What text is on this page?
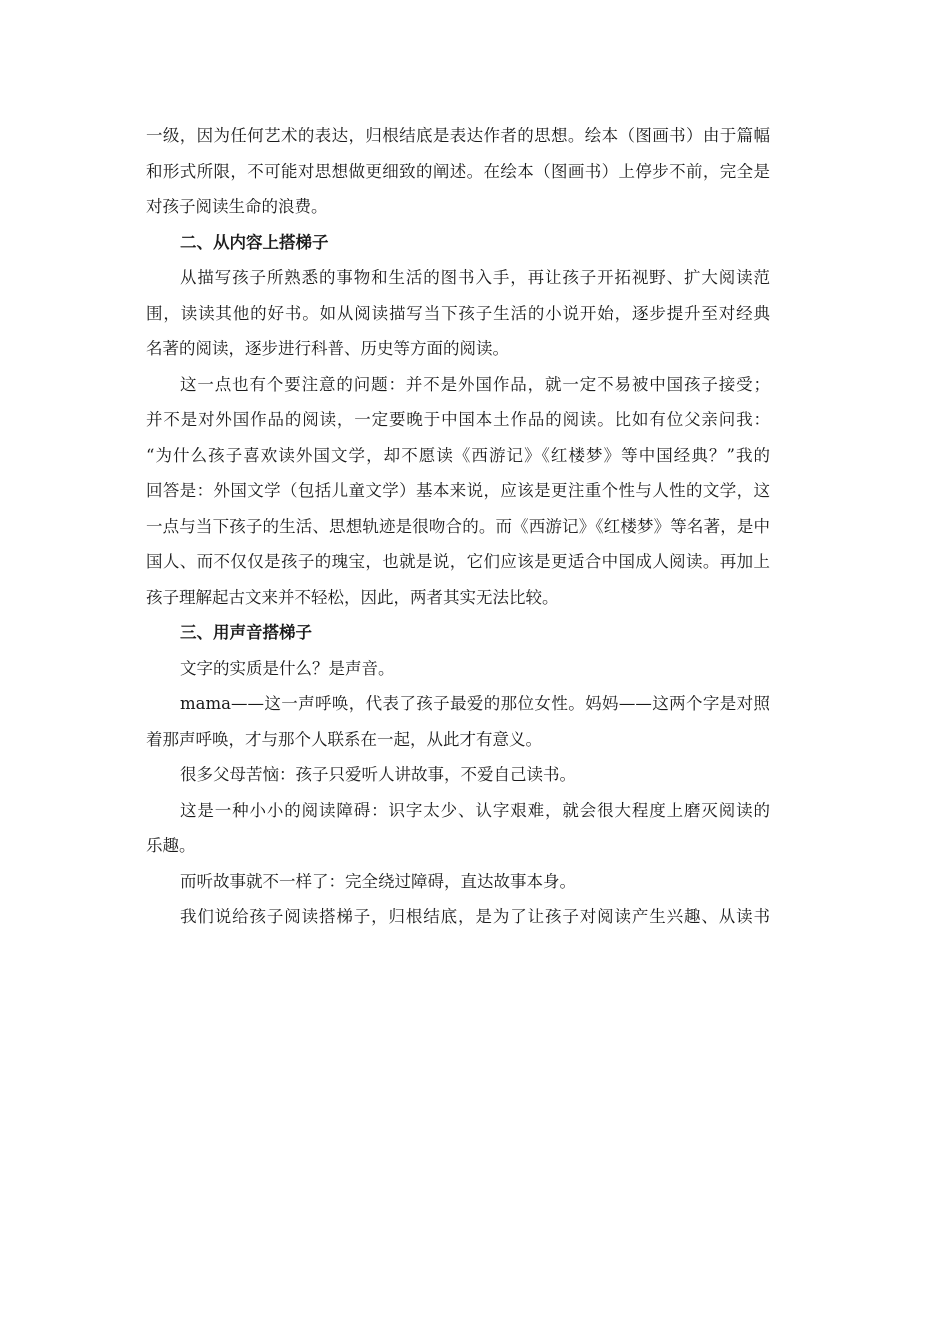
一级，因为任何艺术的表达，归根结底是表达作者的思想。绘本（图画书）由于篇幅

和形式所限，不可能对思想做更细致的阐述。在绘本（图画书）上停步不前，完全是

对孩子阅读生命的浪费。

二、从内容上搭梯子

从描写孩子所熟悉的事物和生活的图书入手，再让孩子开拓视野、扩大阅读范

围，读读其他的好书。如从阅读描写当下孩子生活的小说开始，逐步提升至对经典

名著的阅读，逐步进行科普、历史等方面的阅读。

这一点也有个要注意的问题：并不是外国作品，就一定不易被中国孩子接受；

并不是对外国作品的阅读，一定要晚于中国本土作品的阅读。比如有位父亲问我：

“为什么孩子喜欢读外国文学，却不愿读《西游记》《红楼梦》等中国经典？”我的

回答是：外国文学（包括儿童文学）基本来说，应该是更注重个性与人性的文学，这

一点与当下孩子的生活、思想轨迹是很吻合的。而《西游记》《红楼梦》等名著，是中

国人、而不仅仅是孩子的瑰宝，也就是说，它们应该是更适合中国成人阅读。再加上

孩子理解起古文来并不轻松，因此，两者其实无法比较。

三、用声音搭梯子

文字的实质是什么？是声音。

mama——这一声呼唤，代表了孩子最爱的那位女性。妈妈——这两个字是对照

着那声呼唤，才与那个人联系在一起，从此才有意义。

很多父母苦恼：孩子只爱听人讲故事，不爱自己读书。

这是一种小小的阅读障碍：识字太少、认字艰难，就会很大程度上磨灭阅读的

乐趣。

而听故事就不一样了：完全绕过障碍，直达故事本身。

我们说给孩子阅读搭梯子，归根结底，是为了让孩子对阅读产生兴趣、从读书
